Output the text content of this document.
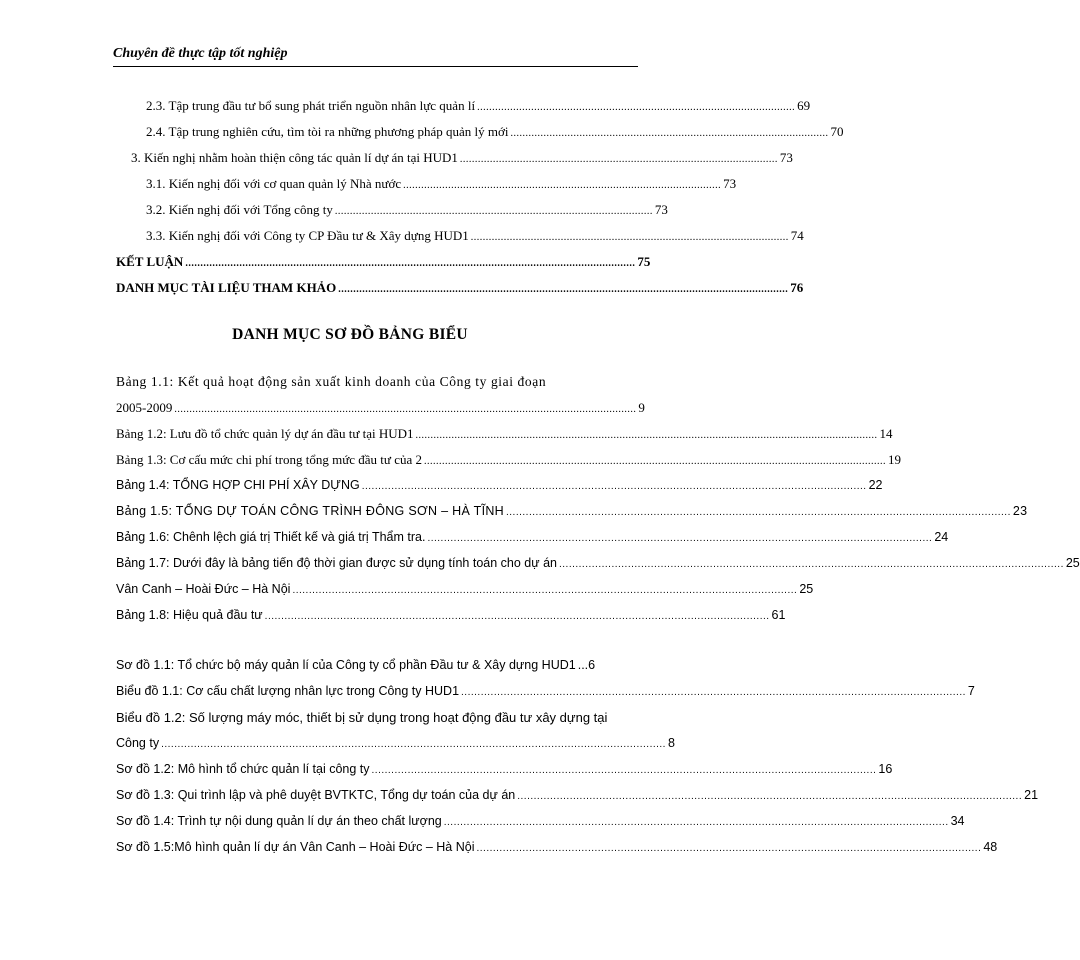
Chuyên đề thực tập tốt nghiệp
2.3. Tập trung đầu tư bổ sung phát triển nguồn nhân lực quản lí .......................................................................................................... 69
2.4. Tập trung nghiên cứu, tìm tòi ra những phương pháp quản lý mới .......................................................................................................... 70
3. Kiến nghị nhằm hoàn thiện công tác quản lí dự án tại HUD1 .......................................................................................................... 73
3.1. Kiến nghị đối với cơ quan quản lý Nhà nước .......................................................................................................... 73
3.2. Kiến nghị đối với Tổng công ty .......................................................................................................... 73
3.3. Kiến nghị đối với Công ty CP Đầu tư & Xây dựng HUD1 .......................................................................................................... 74
KẾT LUẬN ...................................................................................................................................................... 75
DANH MỤC TÀI LIỆU THAM KHẢO ...................................................................................................................................................... 76
DANH MỤC SƠ ĐỒ BẢNG BIỂU
Bảng 1.1: Kết quả hoạt động sản xuất kinh doanh của Công ty giai đoạn
2005-2009 .......................................................................................................................................................... 9
Bảng 1.2: Lưu đồ tổ chức quản lý dự án đầu tư tại HUD1 .......................................................................................................................................................... 14
Bảng 1.3: Cơ cấu mức chi phí trong tổng mức đầu tư của 2 .......................................................................................................................................................... 19
Bảng 1.4: TỔNG HỢP CHI PHÍ XÂY DỰNG .......................................................................................................................................................... 22
Bảng 1.5: TỔNG DỰ TOÁN CÔNG TRÌNH ĐÔNG SƠN – HÀ TĨNH .......................................................................................................................................................... 23
Bảng 1.6: Chênh lệch giá trị Thiết kế và giá trị Thẩm tra. .......................................................................................................................................................... 24
Bảng 1.7: Dưới đây là bảng tiến độ thời gian được sử dụng tính toán cho dự án .......................................................................................................................................................... 25
Vân Canh – Hoài Đức – Hà Nội .......................................................................................................................................................... 25
Bảng 1.8: Hiệu quả đầu tư .......................................................................................................................................................... 61
Sơ đồ 1.1: Tổ chức bộ máy quản lí của Công ty cổ phần Đầu tư & Xây dựng HUD1 ...6
Biểu đồ 1.1: Cơ cấu chất lượng nhân lực trong Công ty HUD1 .......................................................................................................................................................... 7
Biểu đồ 1.2: Số lượng máy móc, thiết bị sử dụng trong hoạt động đầu tư xây dựng tại
Công ty .......................................................................................................................................................... 8
Sơ đồ 1.2: Mô hình tổ chức quản lí tại công ty .......................................................................................................................................................... 16
Sơ đồ 1.3: Qui trình lập và phê duyệt BVTKTC, Tổng dự toán của dự án .......................................................................................................................................................... 21
Sơ đồ 1.4: Trình tự nội dung quản lí dự án theo chất lượng .......................................................................................................................................................... 34
Sơ đồ 1.5:Mô hình quản lí dự án Vân Canh – Hoài Đức – Hà Nội .......................................................................................................................................................... 48
